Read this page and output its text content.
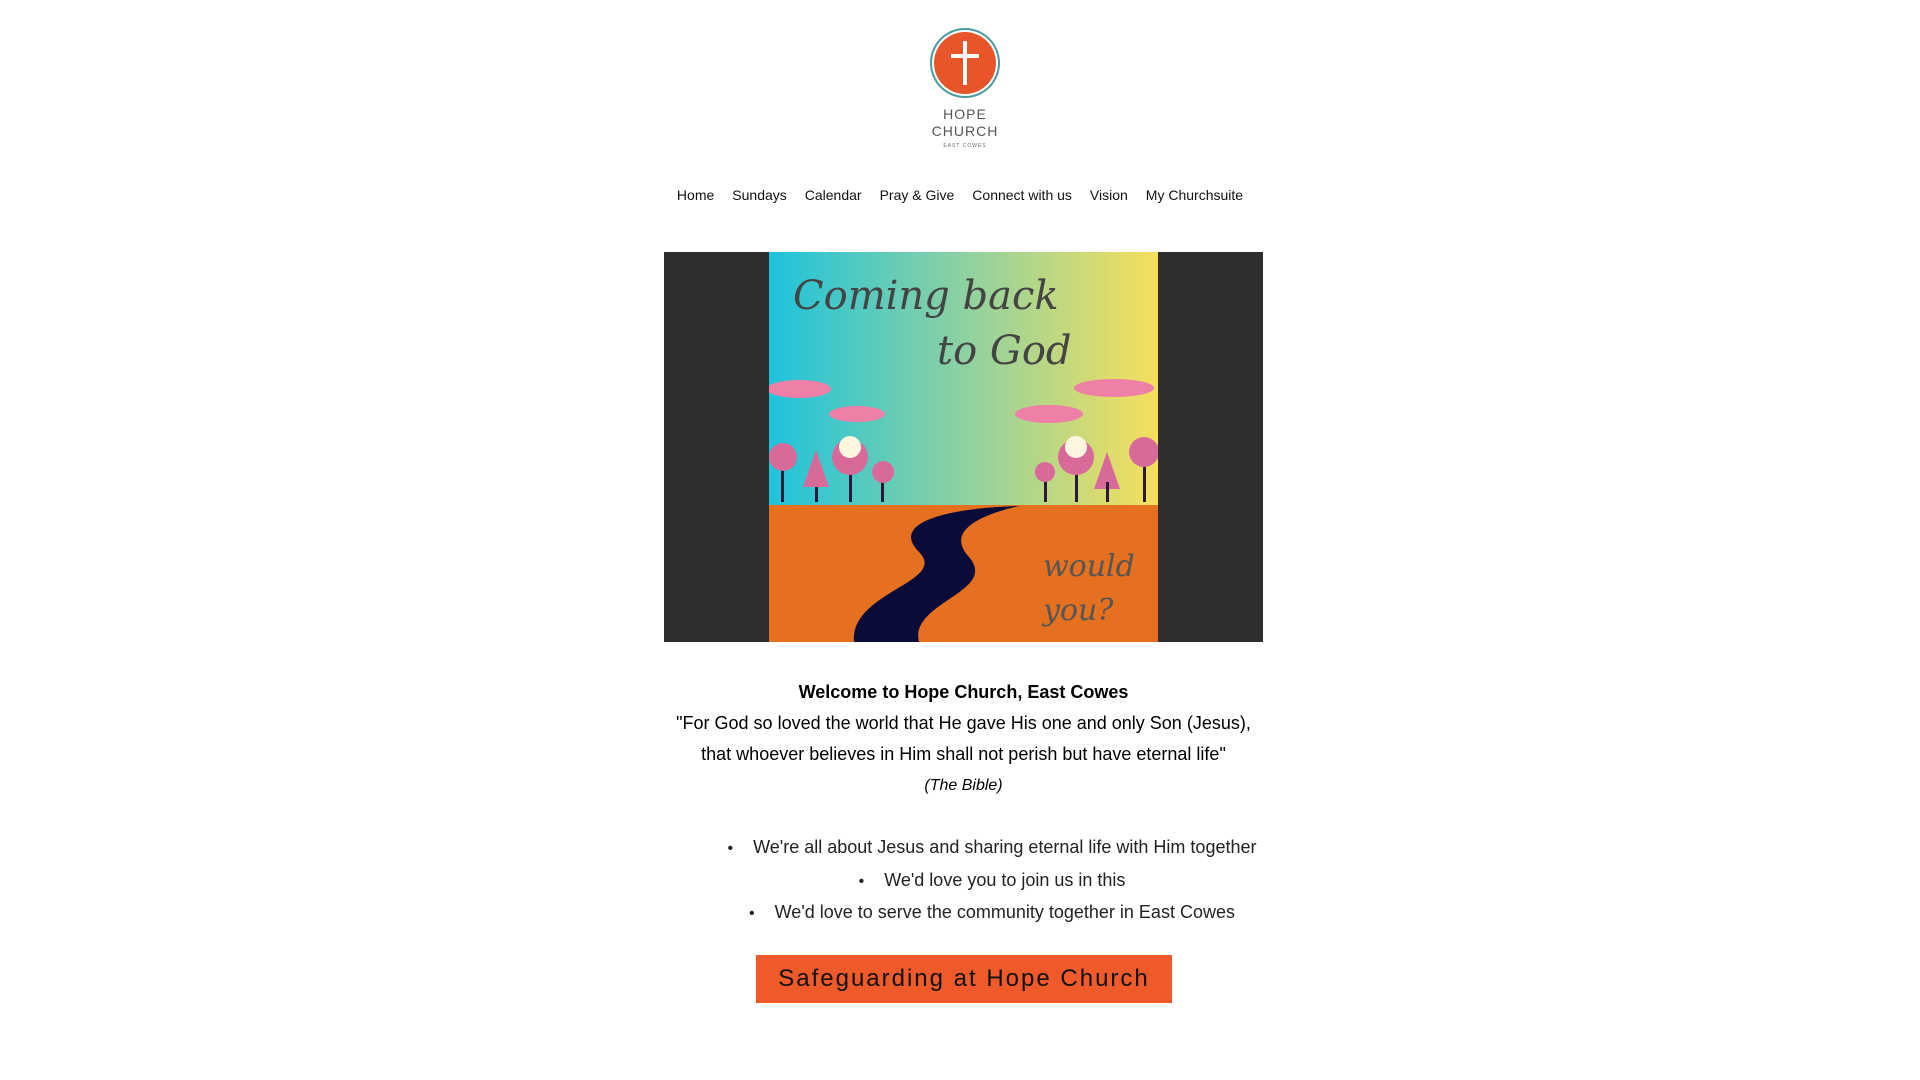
HOPE
CHURCH
EAST COWES
Home Sundays Calendar Pray & Give Connect with us Vision My Churchsuite
Coming back
to God
would
you?
Welcome to Hope Church, East Cowes
"For God so loved the world that He gave His one and only Son (Jesus),
that whoever believes in Him shall not perish but have eternal life"
(The Bible)
• We're all about Jesus and sharing eternal life with Him together
• We'd love you to join us in this
• We'd love to serve the community together in East Cowes
Safeguarding at Hope Church
